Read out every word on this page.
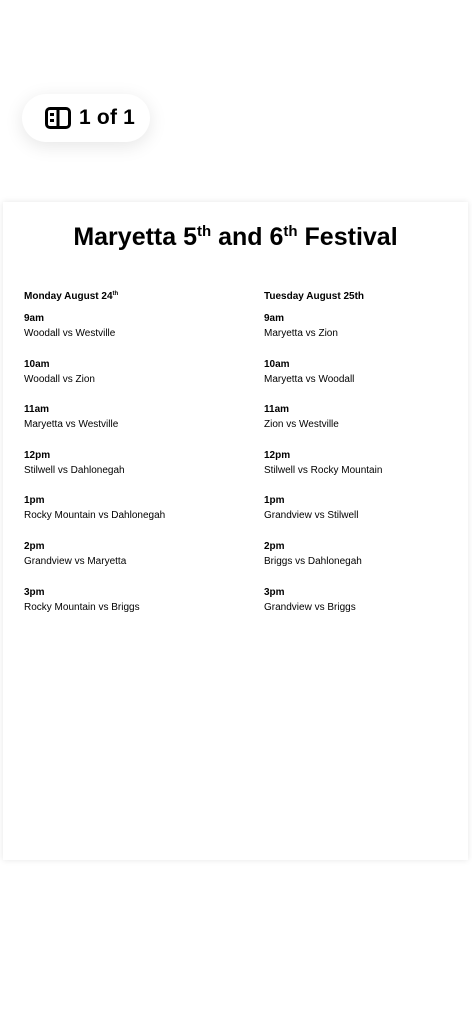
1 of 1
Maryetta 5th and 6th Festival
Monday August 24th
9am
Woodall vs Westville
10am
Woodall vs Zion
11am
Maryetta vs Westville
12pm
Stilwell vs Dahlonegah
1pm
Rocky Mountain vs Dahlonegah
2pm
Grandview vs Maryetta
3pm
Rocky Mountain vs Briggs
Tuesday August 25th
9am
Maryetta vs Zion
10am
Maryetta vs Woodall
11am
Zion vs Westville
12pm
Stilwell vs Rocky Mountain
1pm
Grandview vs Stilwell
2pm
Briggs vs Dahlonegah
3pm
Grandview vs Briggs
